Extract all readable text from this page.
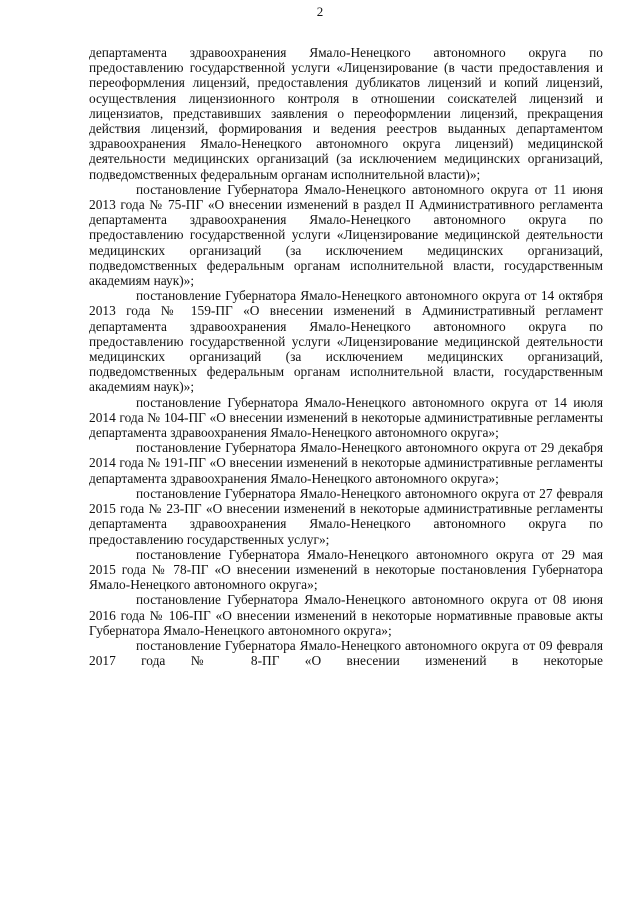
2

департамента здравоохранения Ямало-Ненецкого автономного округа по предоставлению государственной услуги «Лицензирование (в части предоставления и переоформления лицензий, предоставления дубликатов лицензий и копий лицензий, осуществления лицензионного контроля в отношении соискателей лицензий и лицензиатов, представивших заявления о переоформлении лицензий, прекращения действия лицензий, формирования и ведения реестров выданных департаментом здравоохранения Ямало-Ненецкого автономного округа лицензий) медицинской деятельности медицинских организаций (за исключением медицинских организаций, подведомственных федеральным органам исполнительной власти)»;

постановление Губернатора Ямало-Ненецкого автономного округа от 11 июня 2013 года № 75-ПГ «О внесении изменений в раздел II Административного регламента департамента здравоохранения Ямало-Ненецкого автономного округа по предоставлению государственной услуги «Лицензирование медицинской деятельности медицинских организаций (за исключением медицинских организаций, подведомственных федеральным органам исполнительной власти, государственным академиям наук)»;

постановление Губернатора Ямало-Ненецкого автономного округа от 14 октября 2013 года № 159-ПГ «О внесении изменений в Административный регламент департамента здравоохранения Ямало-Ненецкого автономного округа по предоставлению государственной услуги «Лицензирование медицинской деятельности медицинских организаций (за исключением медицинских организаций, подведомственных федеральным органам исполнительной власти, государственным академиям наук)»;

постановление Губернатора Ямало-Ненецкого автономного округа от 14 июля 2014 года № 104-ПГ «О внесении изменений в некоторые административные регламенты департамента здравоохранения Ямало-Ненецкого автономного округа»;

постановление Губернатора Ямало-Ненецкого автономного округа от 29 декабря 2014 года № 191-ПГ «О внесении изменений в некоторые административные регламенты департамента здравоохранения Ямало-Ненецкого автономного округа»;

постановление Губернатора Ямало-Ненецкого автономного округа от 27 февраля 2015 года № 23-ПГ «О внесении изменений в некоторые административные регламенты департамента здравоохранения Ямало-Ненецкого автономного округа по предоставлению государственных услуг»;

постановление Губернатора Ямало-Ненецкого автономного округа от 29 мая 2015 года № 78-ПГ «О внесении изменений в некоторые постановления Губернатора Ямало-Ненецкого автономного округа»;

постановление Губернатора Ямало-Ненецкого автономного округа от 08 июня 2016 года № 106-ПГ «О внесении изменений в некоторые нормативные правовые акты Губернатора Ямало-Ненецкого автономного округа»;

постановление Губернатора Ямало-Ненецкого автономного округа от 09 февраля 2017 года № 8-ПГ «О внесении изменений в некоторые
